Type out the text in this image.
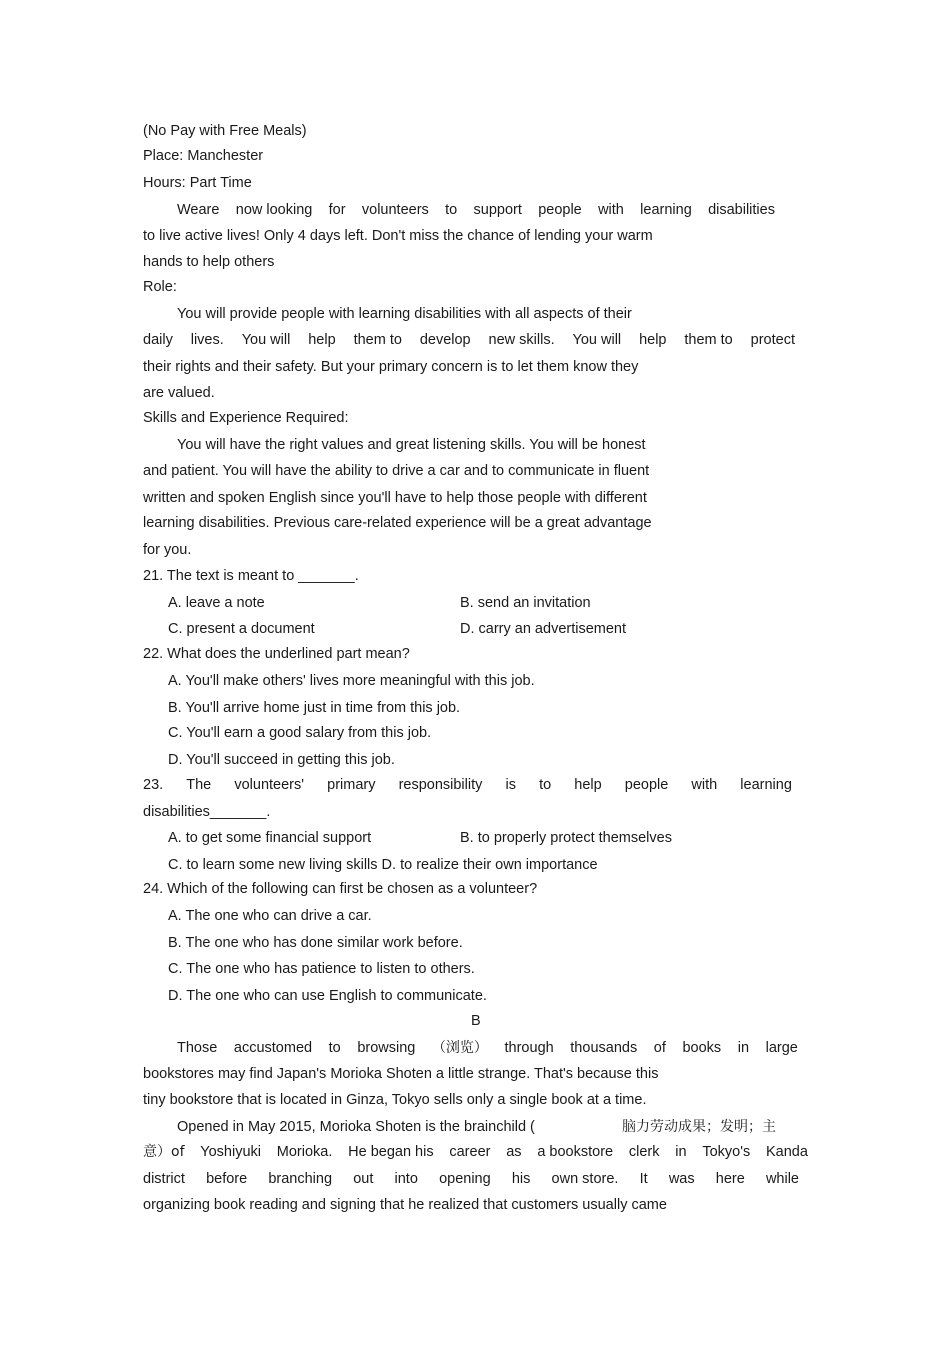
(No Pay with Free Meals)
Place: Manchester
Hours: Part Time
Weare now looking for volunteers to support people with learning disabilities
to live active lives! Only 4 days left. Don't miss the chance of lending your warm
hands to help others
Role:
You will provide people with learning disabilities with all aspects of their
daily lives. You will help them to develop new skills. You will help them to protect
their rights and their safety. But your primary concern is to let them know they
are valued.
Skills and Experience Required:
You will have the right values and great listening skills. You will be honest
and patient. You will have the ability to drive a car and to communicate in fluent
written and spoken English since you'll have to help those people with different
learning disabilities. Previous care-related experience will be a great advantage
for you.
21. The text is meant to _______.
A. leave a note	B. send an invitation
C. present a document	D. carry an advertisement
22. What does the underlined part mean?
A. You'll make others' lives more meaningful with this job.
B. You'll arrive home just in time from this job.
C. You'll earn a good salary from this job.
D. You'll succeed in getting this job.
23. The volunteers' primary responsibility is to help people with learning
disabilities_______.
A. to get some financial support	B. to properly protect themselves
C. to learn some new living skills D. to realize their own importance
24. Which of the following can first be chosen as a volunteer?
A. The one who can drive a car.
B. The one who has done similar work before.
C. The one who has patience to listen to others.
D. The one who can use English to communicate.
B
Those accustomed to browsing （浏览） through thousands of books in large
bookstores may find Japan's Morioka Shoten a little strange. That's because this
tiny bookstore that is located in Ginza, Tokyo sells only a single book at a time.
Opened in May 2015, Morioka Shoten is the brainchild (	脑力劳动成果；发明；主
意）of Yoshiyuki Morioka. He began his career as a bookstore clerk in Tokyo's Kanda
district before branching out into opening his own store. It was here while
organizing book reading and signing that he realized that customers usually came
